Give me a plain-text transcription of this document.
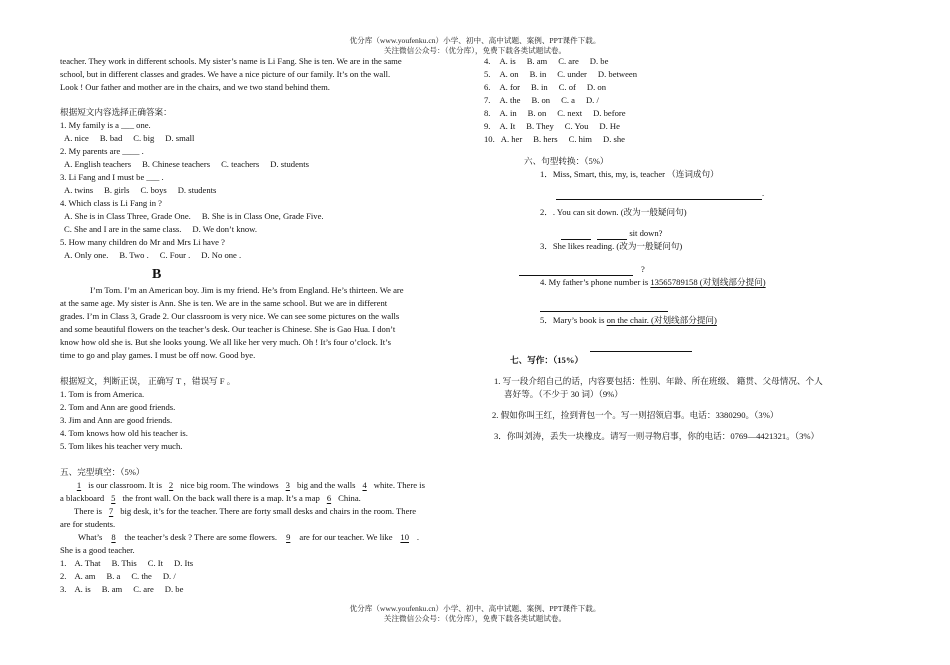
优分库（www.youfenku.cn）小学、初中、高中试题、案例、PPT课件下载。
关注微信公众号：（优分库），免费下载各类试题试卷。
teacher. They work in different schools. My sister’s name is Li Fang. She is ten. We are in the same
school, but in different classes and grades. We have a nice picture of our family. It’s on the wall.
Look ! Our father and mother are in the chairs, and we two stand behind them.
根据短文内容选择正确答案：
1. My family is a ___ one.
A. nice B. bad C. big D. small
2. My parents are ____ .
A. English teachers B. Chinese teachers C. teachers D. students
3. Li Fang and I must be ___ .
A. twins B. girls C. boys D. students
4. Which class is Li Fang in ?
A. She is in Class Three, Grade One. B. She is in Class One, Grade Five.
C. She and I are in the same class. D. We don’t know.
5. How many children do Mr and Mrs Li have ?
A. Only one. B. Two . C. Four . D. No one .
B
I’m Tom. I’m an American boy. Jim is my friend. He’s from England. He’s thirteen. We are
at the same age. My sister is Ann. She is ten. We are in the same school. But we are in different
grades. I’m in Class 3, Grade 2. Our classroom is very nice. We can see some pictures on the walls
and some beautiful flowers on the teacher’s desk. Our teacher is Chinese. She is Gao Hua. I don’t
know how old she is. But she looks young. We all like her very much. Oh ! It’s four o’clock. It’s
time to go and play games. I must be off now. Good bye.
根据短文，判断正误， 正确写 T ，错误写 F 。
1. Tom is from America.
2. Tom and Ann are good friends.
3. Jim and Ann are good friends.
4. Tom knows how old his teacher is.
5. Tom likes his teacher very much.
五、完型填空：（5%）
1 is our classroom. It is 2 nice big room. The windows 3 big and the walls 4 white. There is
a blackboard 5 the front wall. On the back wall there is a map. It’s a map 6 China.
There is 7 big desk, it’s for the teacher. There are forty small desks and chairs in the room. There
are for students.
What’s 8 the teacher’s desk ? There are some flowers. 9 are for our teacher. We like 10 .
She is a good teacher.
1. A. That B. This C. It D. Its
2. A. am B. a C. the D. /
3. A. is B. am C. are D. be
4. A. is B. am C. are D. be
5. A. on B. in C. under D. between
6. A. for B. in C. of D. on
7. A. the B. on C. a D. /
8. A. in B. on C. next D. before
9. A. It B. They C. You D. He
10. A. her B. hers C. him D. she
六、句型转换：（5%）
1．Miss, Smart, this, my, is, teacher （连词成句）
.
2．. You can sit down. (改为一般疑问句)
sit down?
3．She likes reading. (改为一般疑问句)
?
4. My father’s phone number is 13565789158 (对划线部分提问)
5．Mary’s book is on the chair. (对划线部分提问)
七、写作：（15%）
1. 写一段介绍自己的话，内容要包括：性别、年龄、所在班级、 籍贯、父母情况、个人
喜好等。（不少于 30 词）（9%）
2. 假如你叫王红，捡到背包一个。写一则招领启事。电话：3380290。（3%）
3．你叫刘涛，丢失一块橡皮。请写一则寻物启事，你的电话：0769—4421321。（3%）
优分库（www.youfenku.cn）小学、初中、高中试题、案例、PPT课件下载。
关注微信公众号：（优分库），免费下载各类试题试卷。
